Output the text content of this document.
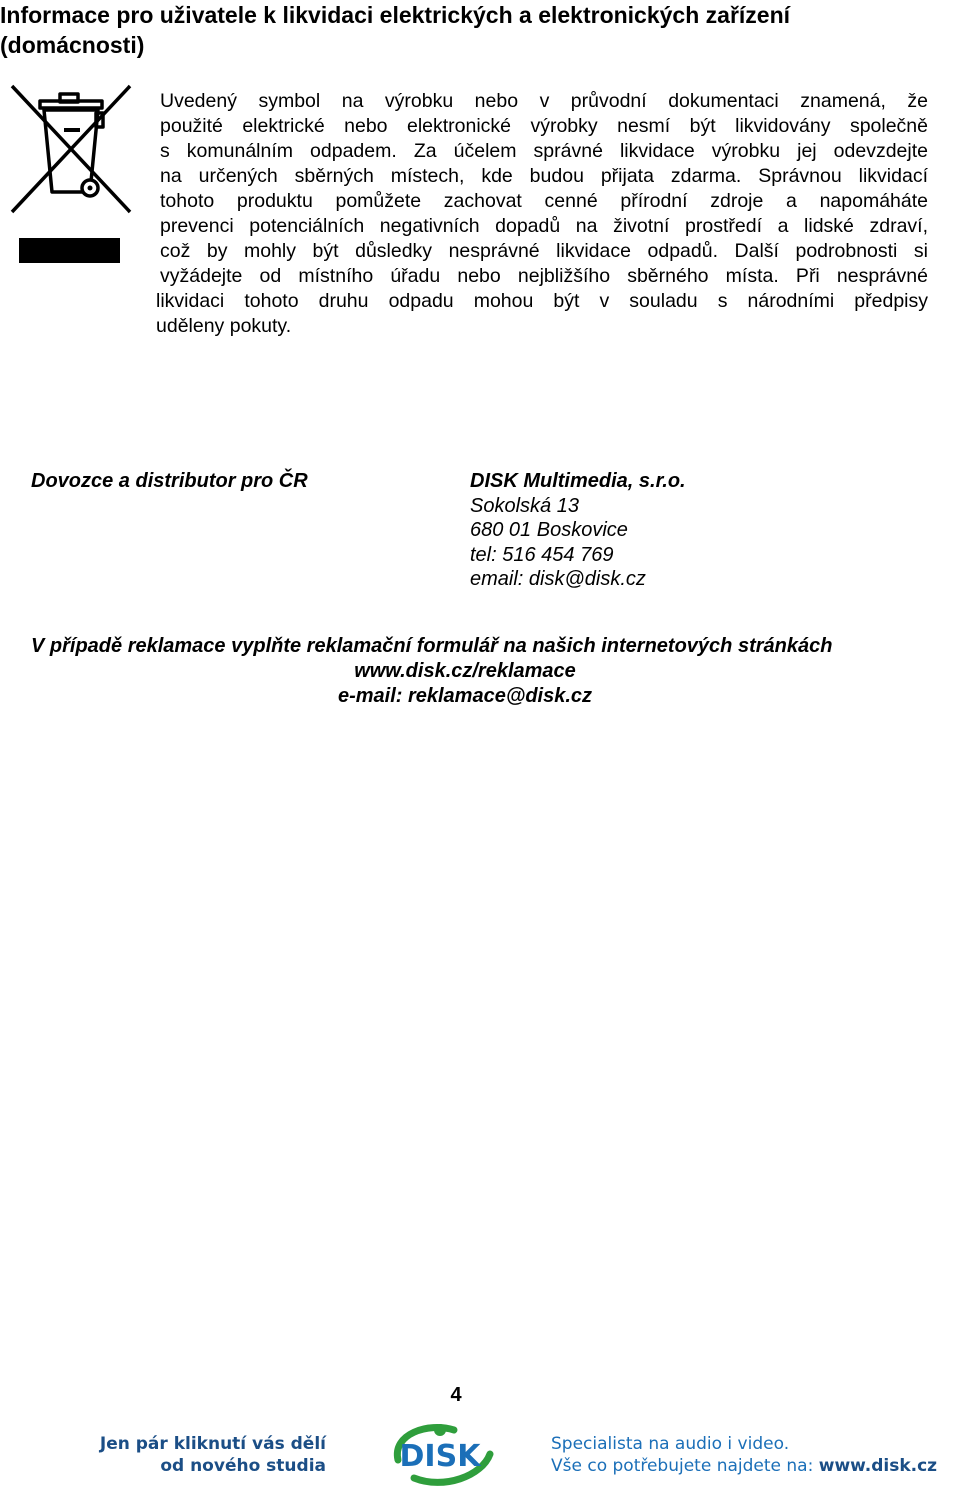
Informace pro uživatele k likvidaci elektrických a elektronických zařízení (domácnosti)
Uvedený symbol na výrobku nebo v průvodní dokumentaci znamená, že
použité elektrické nebo elektronické výrobky nesmí být likvidovány společně
s komunálním odpadem. Za účelem správné likvidace výrobku jej odevzdejte
na určených sběrných místech, kde budou přijata zdarma. Správnou likvidací
tohoto produktu pomůžete zachovat cenné přírodní zdroje a napomáháte
prevenci potenciálních negativních dopadů na životní prostředí a lidské zdraví,
což by mohly být důsledky nesprávné likvidace odpadů. Další podrobnosti si
vyžádejte od místního úřadu nebo nejbližšího sběrného místa. Při nesprávné
likvidaci tohoto druhu odpadu mohou být v souladu s národními předpisy
uděleny pokuty.
Dovozce a distributor pro ČR	DISK Multimedia, s.r.o.
Sokolská 13
680 01 Boskovice
tel: 516 454 769
email: disk@disk.cz
V případě reklamace vyplňte reklamační formulář na našich internetových stránkách
www.disk.cz/reklamace
e-mail: reklamace@disk.cz
4
Jen pár kliknutí vás dělí
od nového studia DISK	Specialista na audio i video.
Vše co potřebujete najdete na: www.disk.cz
